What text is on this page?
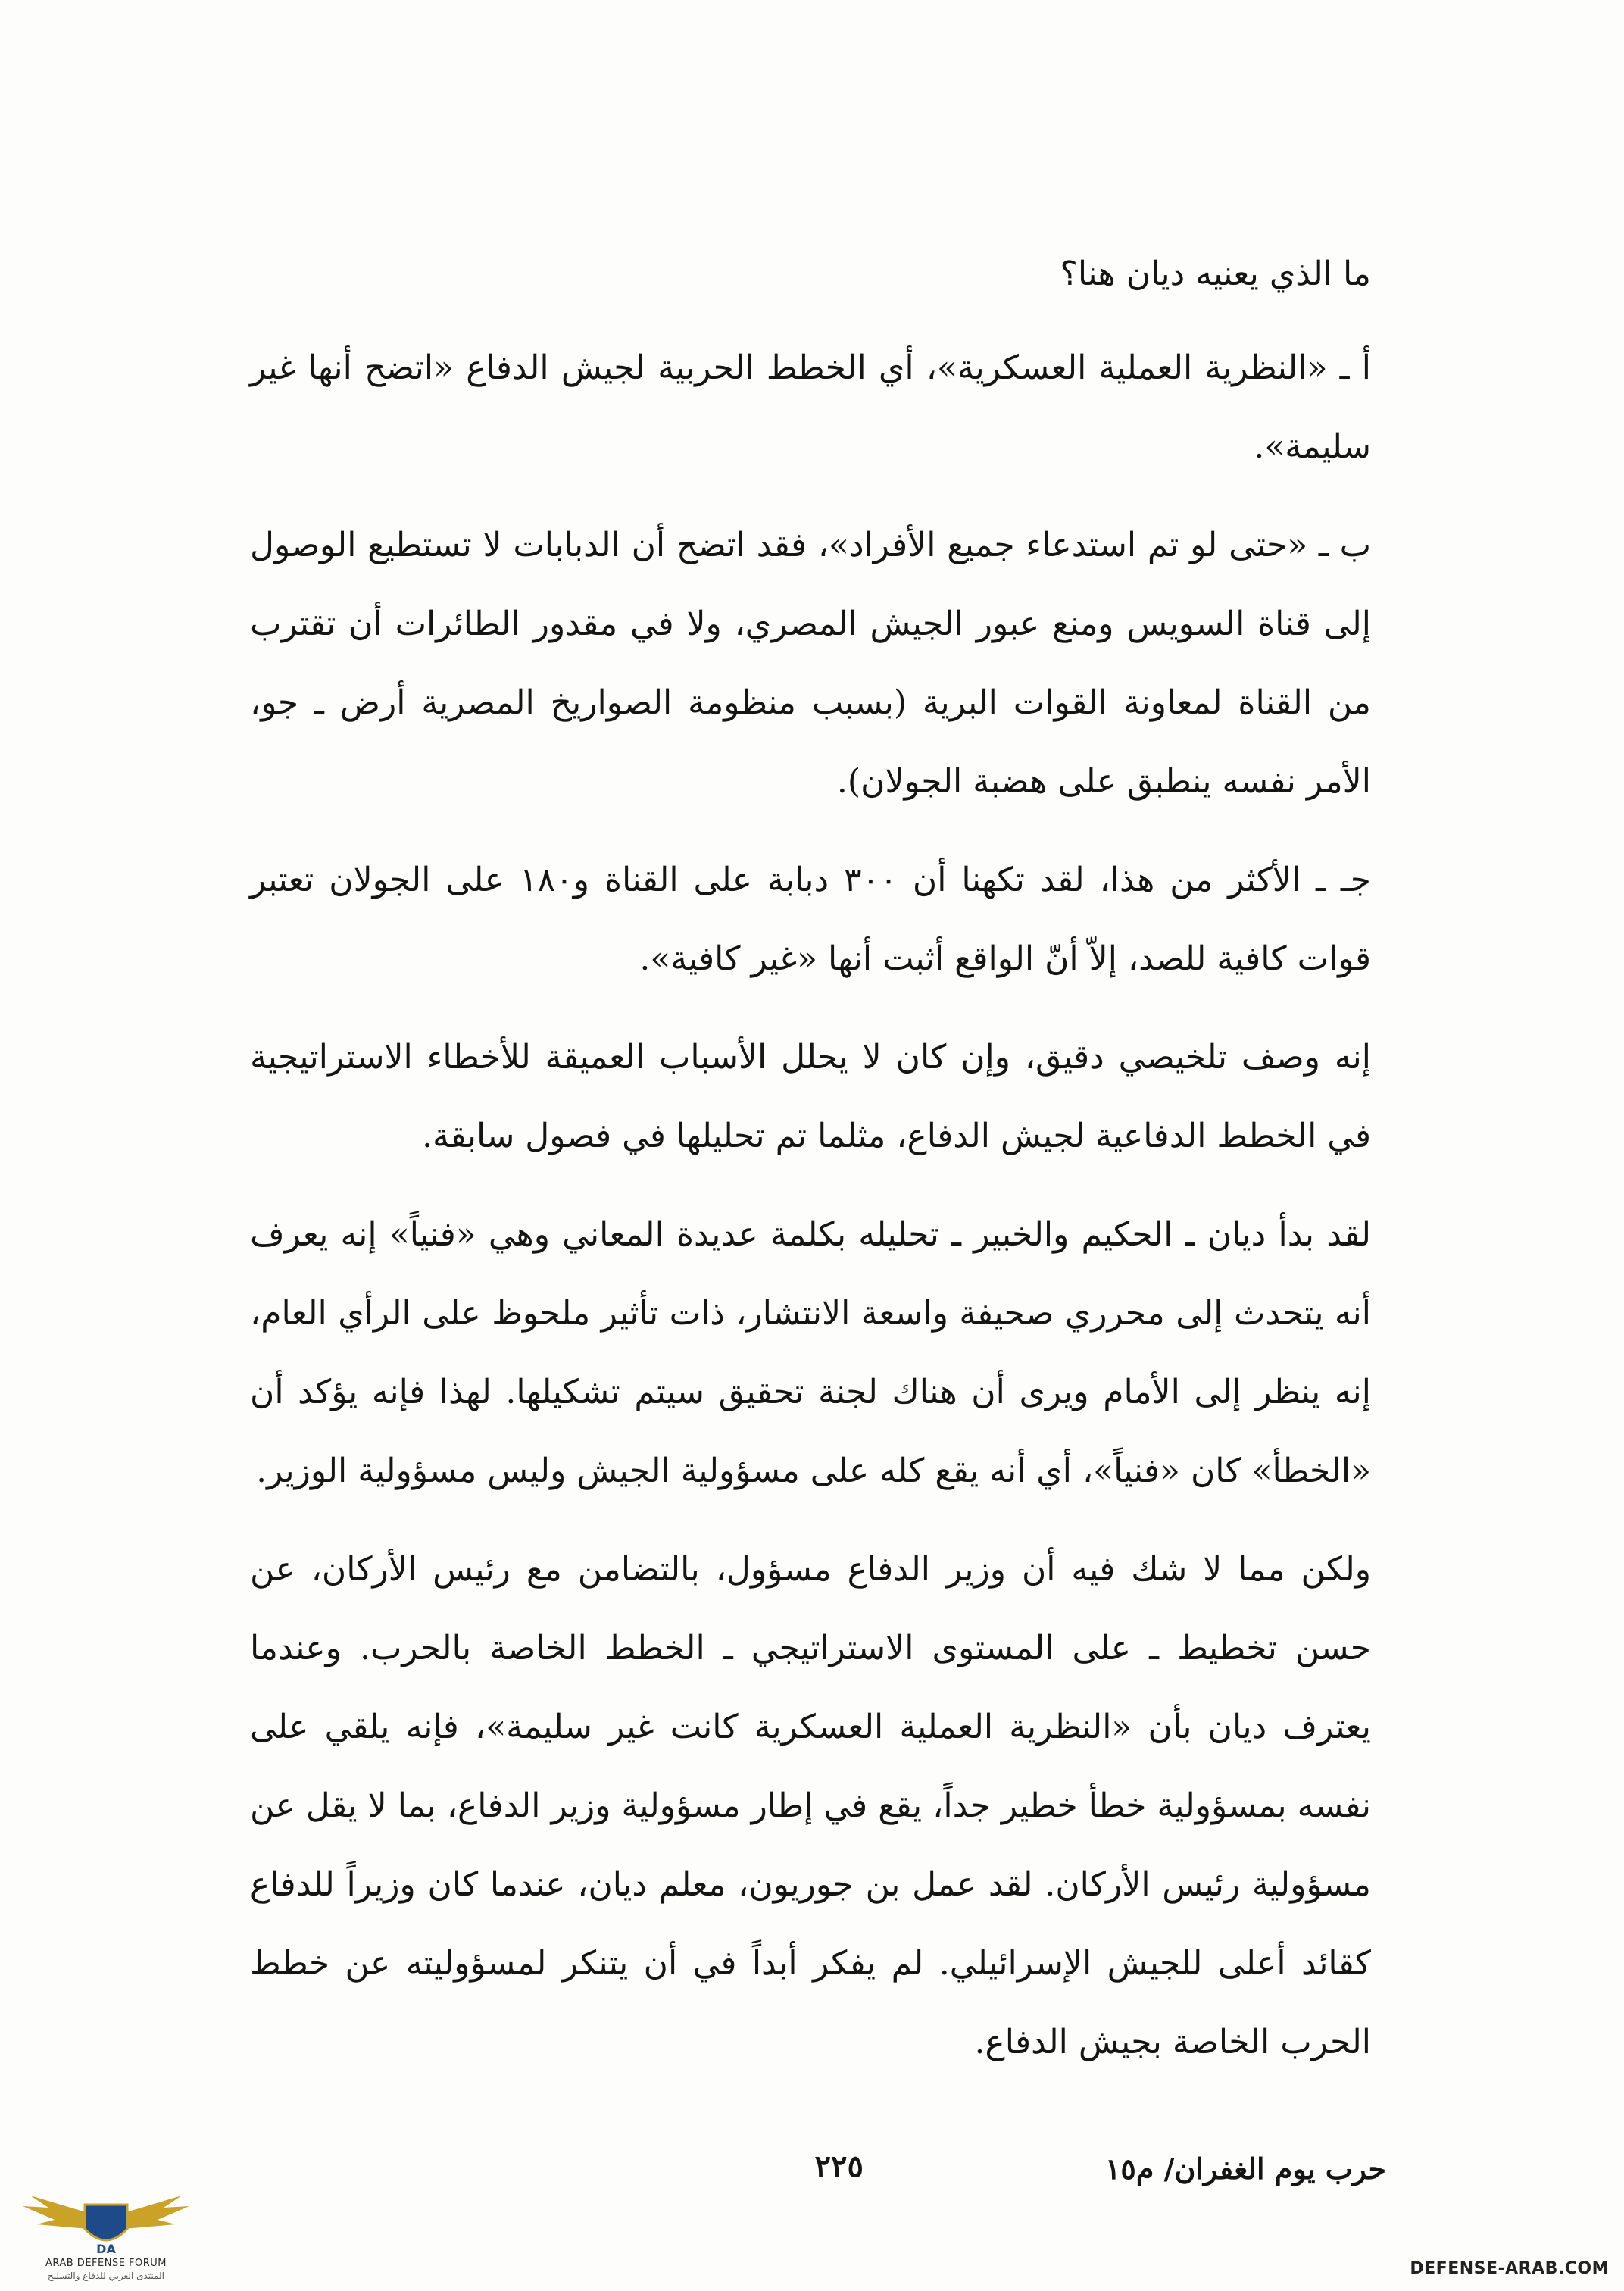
ما الذي يعنيه ديان هنا؟

أ ـ «النظرية العملية العسكرية»، أي الخطط الحربية لجيش الدفاع «اتضح أنها غير سليمة».

ب ـ «حتى لو تم استدعاء جميع الأفراد»، فقد اتضح أن الدبابات لا تستطيع الوصول إلى قناة السويس ومنع عبور الجيش المصري، ولا في مقدور الطائرات أن تقترب من القناة لمعاونة القوات البرية (بسبب منظومة الصواريخ المصرية أرض ـ جو، الأمر نفسه ينطبق على هضبة الجولان).

جـ ـ الأكثر من هذا، لقد تكهنا أن ٣٠٠ دبابة على القناة و١٨٠ على الجولان تعتبر قوات كافية للصد، إلاّ أنّ الواقع أثبت أنها «غير كافية».

إنه وصف تلخيصي دقيق، وإن كان لا يحلل الأسباب العميقة للأخطاء الاستراتيجية في الخطط الدفاعية لجيش الدفاع، مثلما تم تحليلها في فصول سابقة.

لقد بدأ ديان ـ الحكيم والخبير ـ تحليله بكلمة عديدة المعاني وهي «فنياً» إنه يعرف أنه يتحدث إلى محرري صحيفة واسعة الانتشار، ذات تأثير ملحوظ على الرأي العام، إنه ينظر إلى الأمام ويرى أن هناك لجنة تحقيق سيتم تشكيلها. لهذا فإنه يؤكد أن «الخطأ» كان «فنياً»، أي أنه يقع كله على مسؤولية الجيش وليس مسؤولية الوزير.

ولكن مما لا شك فيه أن وزير الدفاع مسؤول، بالتضامن مع رئيس الأركان، عن حسن تخطيط ـ على المستوى الاستراتيجي ـ الخطط الخاصة بالحرب. وعندما يعترف ديان بأن «النظرية العملية العسكرية كانت غير سليمة»، فإنه يلقي على نفسه بمسؤولية خطأ خطير جداً، يقع في إطار مسؤولية وزير الدفاع، بما لا يقل عن مسؤولية رئيس الأركان. لقد عمل بن جوريون، معلم ديان، عندما كان وزيراً للدفاع كقائد أعلى للجيش الإسرائيلي. لم يفكر أبداً في أن يتنكر لمسؤوليته عن خطط الحرب الخاصة بجيش الدفاع.

حرب يوم الغفران/ م١٥
٢٢٥
DA
ARAB DEFENSE FORUM
المنتدى العربي للدفاع والتسليح	DEFENSE-ARAB.COM
